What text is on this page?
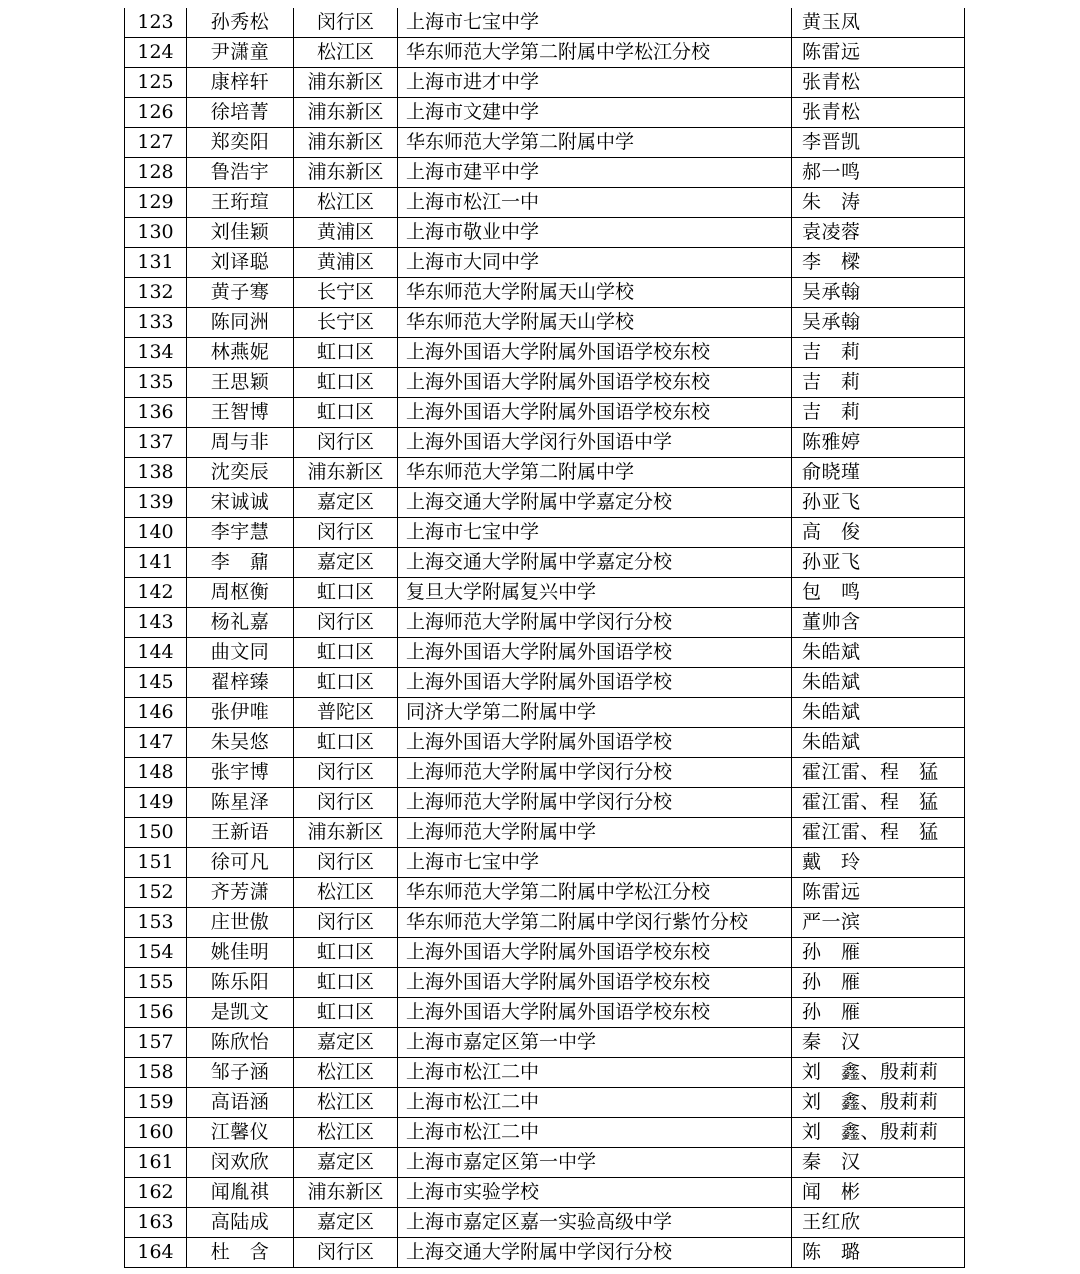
123	孙秀松	闵行区	上海市七宝中学	黄玉凤
124	尹潇童	松江区	华东师范大学第二附属中学松江分校	陈雷远
125	康梓轩	浦东新区	上海市进才中学	张青松
126	徐培菁	浦东新区	上海市文建中学	张青松
127	郑奕阳	浦东新区	华东师范大学第二附属中学	李晋凯
128	鲁浩宇	浦东新区	上海市建平中学	郝一鸣
129	王珩瑄	松江区	上海市松江一中	朱　涛
130	刘佳颖	黄浦区	上海市敬业中学	袁凌蓉
131	刘译聪	黄浦区	上海市大同中学	李　樑
132	黄子骞	长宁区	华东师范大学附属天山学校	吴承翰
133	陈同洲	长宁区	华东师范大学附属天山学校	吴承翰
134	林燕妮	虹口区	上海外国语大学附属外国语学校东校	吉　莉
135	王思颖	虹口区	上海外国语大学附属外国语学校东校	吉　莉
136	王智博	虹口区	上海外国语大学附属外国语学校东校	吉　莉
137	周与非	闵行区	上海外国语大学闵行外国语中学	陈雅婷
138	沈奕辰	浦东新区	华东师范大学第二附属中学	俞晓瑾
139	宋诚诚	嘉定区	上海交通大学附属中学嘉定分校	孙亚飞
140	李宇慧	闵行区	上海市七宝中学	高　俊
141	李　鼐	嘉定区	上海交通大学附属中学嘉定分校	孙亚飞
142	周枢衡	虹口区	复旦大学附属复兴中学	包　鸣
143	杨礼嘉	闵行区	上海师范大学附属中学闵行分校	董帅含
144	曲文同	虹口区	上海外国语大学附属外国语学校	朱皓斌
145	翟梓臻	虹口区	上海外国语大学附属外国语学校	朱皓斌
146	张伊唯	普陀区	同济大学第二附属中学	朱皓斌
147	朱吴悠	虹口区	上海外国语大学附属外国语学校	朱皓斌
148	张宇博	闵行区	上海师范大学附属中学闵行分校	霍江雷、程　猛
149	陈星泽	闵行区	上海师范大学附属中学闵行分校	霍江雷、程　猛
150	王新语	浦东新区	上海师范大学附属中学	霍江雷、程　猛
151	徐可凡	闵行区	上海市七宝中学	戴　玲
152	齐芳潇	松江区	华东师范大学第二附属中学松江分校	陈雷远
153	庄世傲	闵行区	华东师范大学第二附属中学闵行紫竹分校	严一滨
154	姚佳明	虹口区	上海外国语大学附属外国语学校东校	孙　雁
155	陈乐阳	虹口区	上海外国语大学附属外国语学校东校	孙　雁
156	是凯文	虹口区	上海外国语大学附属外国语学校东校	孙　雁
157	陈欣怡	嘉定区	上海市嘉定区第一中学	秦　汉
158	邹子涵	松江区	上海市松江二中	刘　鑫、殷莉莉
159	高语涵	松江区	上海市松江二中	刘　鑫、殷莉莉
160	江馨仪	松江区	上海市松江二中	刘　鑫、殷莉莉
161	闵欢欣	嘉定区	上海市嘉定区第一中学	秦　汉
162	闻胤祺	浦东新区	上海市实验学校	闻　彬
163	高陆成	嘉定区	上海市嘉定区嘉一实验高级中学	王红欣
164	杜　含	闵行区	上海交通大学附属中学闵行分校	陈　璐
